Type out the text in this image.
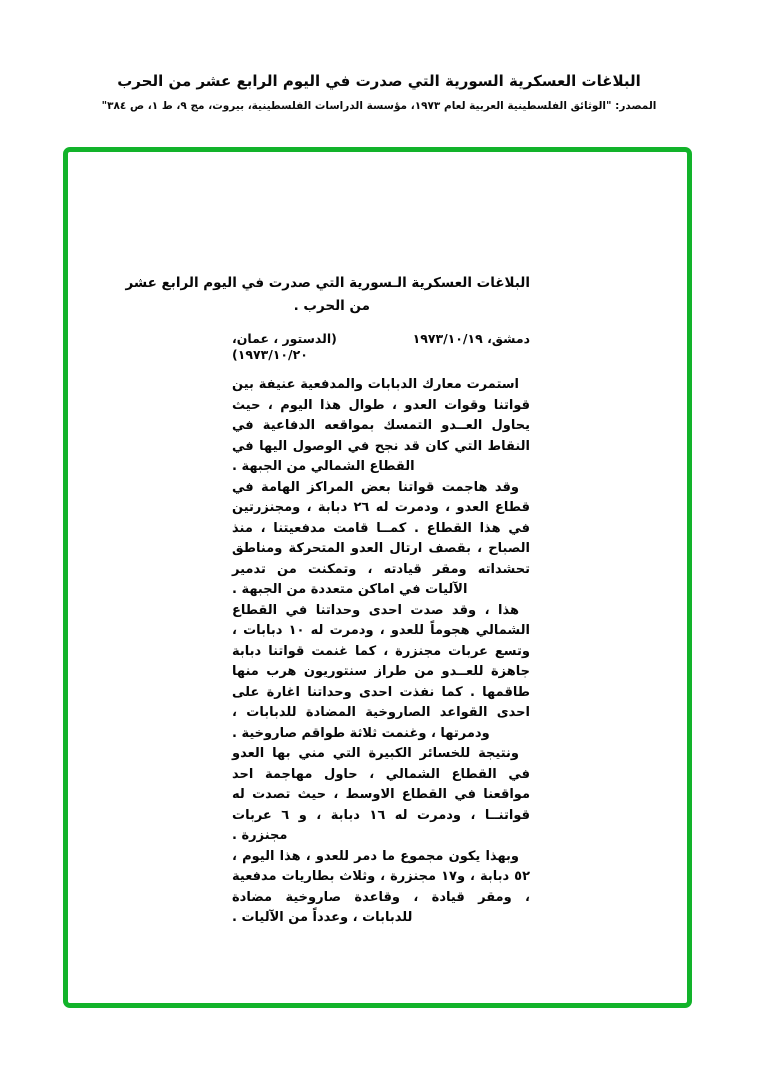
البلاغات العسكرية السورية التي صدرت في اليوم الرابع عشر من الحرب
المصدر: "الوثائق الفلسطينية العربية لعام ١٩٧٣، مؤسسة الدراسات الفلسطينية، بيروت، مج ٩، ط ١، ص ٣٨٤"
البلاغات العسكرية الـسورية التي صدرت في اليوم الرابع عشر
من الحرب .
دمشق، ١٩٧٣/١٠/١٩
(الدستور ، عمان،
١٩٧٣/١٠/٢٠)

استمرت معارك الدبابات والمدفعية عنيفة بين قواتنا وقوات العدو ، طوال هذا اليوم ، حيث يحاول العــدو التمسك بمواقعه الدفاعية في النقاط التي كان قد نجح في الوصول اليها في القطاع الشمالي من الجبهة .

وقد هاجمت قواتنا بعض المراكز الهامة في قطاع العدو ، ودمرت له ٢٦ دبابة ، ومجنزرتين في هذا القطاع . كمــا قامت مدفعيتنا ، منذ الصباح ، بقصف ارتال العدو المتحركة ومناطق تحشداته ومقر قيادته ، وتمكنت من تدمير الآليات في اماكن متعددة من الجبهة .

هذا ، وقد صدت احدى وحداتنا في القطاع الشمالي هجوماً للعدو ، ودمرت له ١٠ دبابات ، وتسع عربات مجنزرة ، كما غنمت قواتنا دبابة جاهزة للعــدو من طراز سنتوريون هرب منها طاقمها . كما نفذت احدى وحداتنا اغارة على احدى القواعد الصاروخية المضادة للدبابات ، ودمرتها ، وغنمت ثلاثة طواقم صاروخية .

ونتيجة للخسائر الكبيرة التي مني بها العدو في القطاع الشمالي ، حاول مهاجمة احد مواقعنا في القطاع الاوسط ، حيث تصدت له قواتنــا ، ودمرت له ١٦ دبابة ، و ٦ عربات مجنزرة .

وبهذا يكون مجموع ما دمر للعدو ، هذا اليوم ، ٥٢ دبابة ، و١٧ مجنزرة ، وثلاث بطاريات مدفعية ، ومقر قيادة ، وقاعدة صاروخية مضادة للدبابات ، وعدداً من الآليات .
